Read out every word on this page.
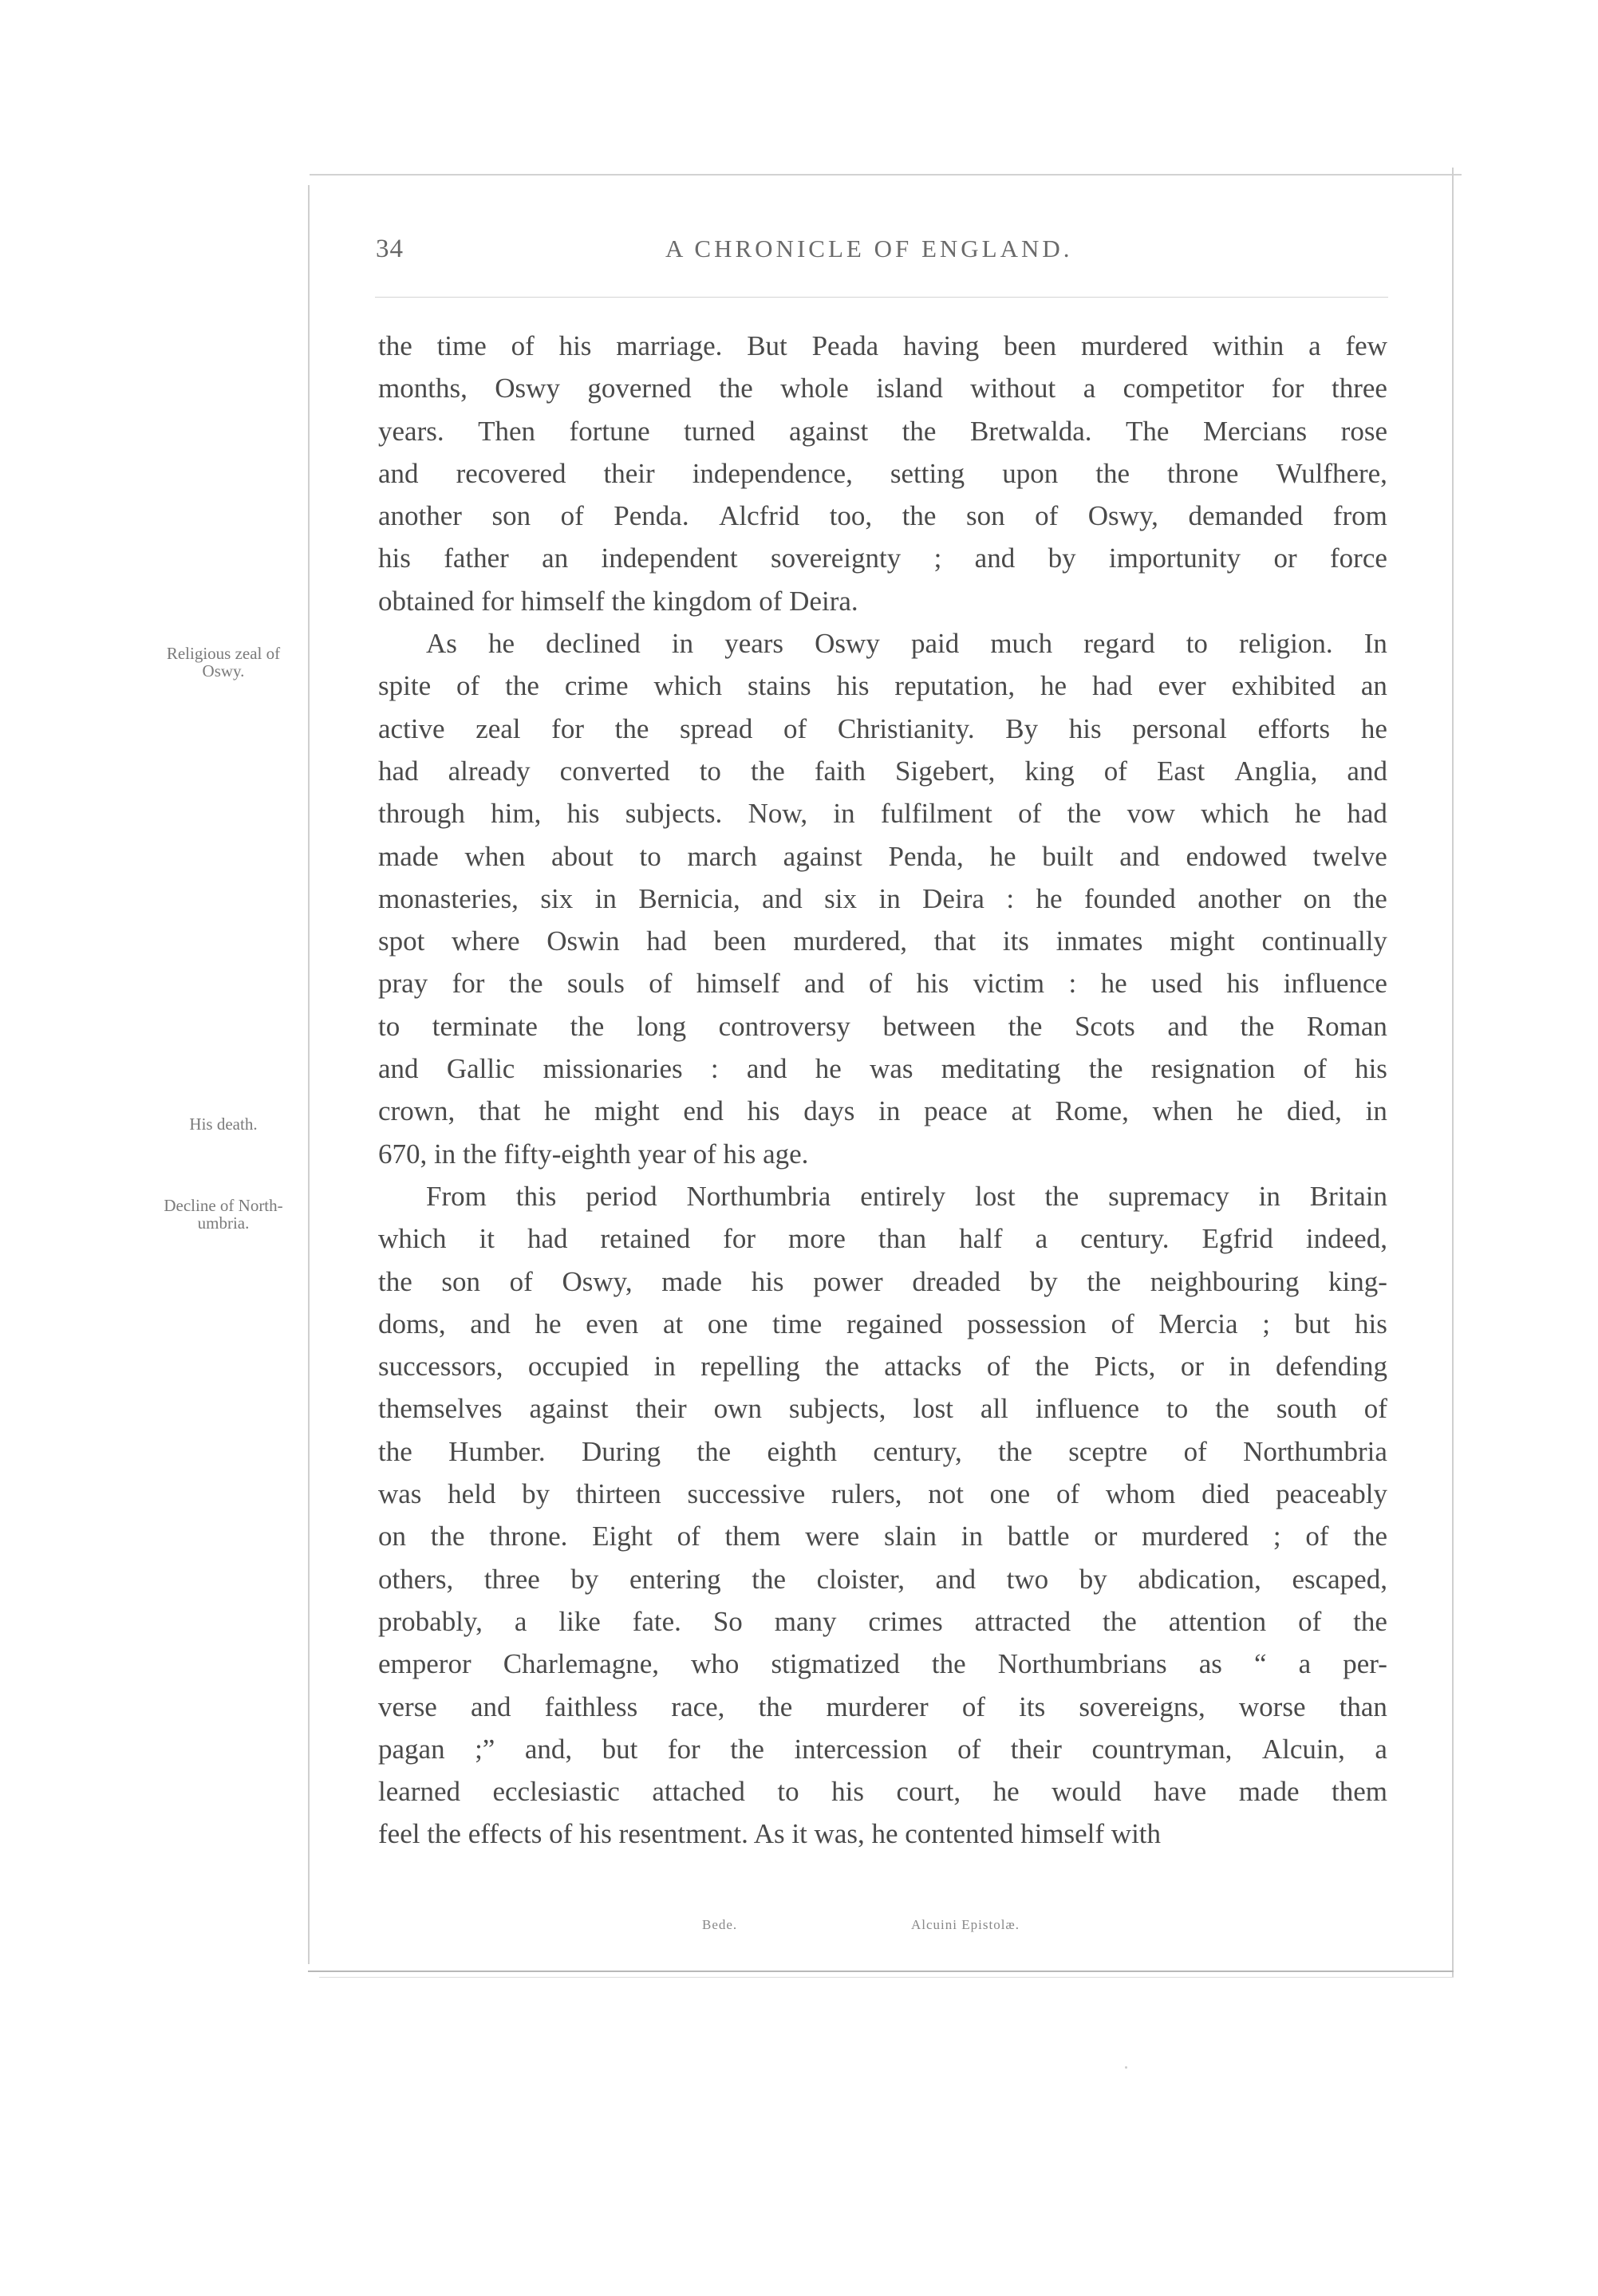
34	A CHRONICLE OF ENGLAND.
Religious zeal of Oswy.
His death.
Decline of North-umbria.
the time of his marriage. But Peada having been murdered within a few
months, Oswy governed the whole island without a competitor for three
years. Then fortune turned against the Bretwalda. The Mercians rose
and recovered their independence, setting upon the throne Wulfhere,
another son of Penda. Alcfrid too, the son of Oswy, demanded from
his father an independent sovereignty ; and by importunity or force
obtained for himself the kingdom of Deira.
As he declined in years Oswy paid much regard to religion. In
spite of the crime which stains his reputation, he had ever exhibited an
active zeal for the spread of Christianity. By his personal efforts he
had already converted to the faith Sigebert, king of East Anglia, and
through him, his subjects. Now, in fulfilment of the vow which he had
made when about to march against Penda, he built and endowed twelve
monasteries, six in Bernicia, and six in Deira : he founded another on the
spot where Oswin had been murdered, that its inmates might continually
pray for the souls of himself and of his victim : he used his influence
to terminate the long controversy between the Scots and the Roman
and Gallic missionaries : and he was meditating the resignation of his
crown, that he might end his days in peace at Rome, when he died, in
670, in the fifty-eighth year of his age.
From this period Northumbria entirely lost the supremacy in Britain
which it had retained for more than half a century. Egfrid indeed,
the son of Oswy, made his power dreaded by the neighbouring king-
doms, and he even at one time regained possession of Mercia ; but his
successors, occupied in repelling the attacks of the Picts, or in defending
themselves against their own subjects, lost all influence to the south of
the Humber. During the eighth century, the sceptre of Northumbria
was held by thirteen successive rulers, not one of whom died peaceably
on the throne. Eight of them were slain in battle or murdered ; of the
others, three by entering the cloister, and two by abdication, escaped,
probably, a like fate. So many crimes attracted the attention of the
emperor Charlemagne, who stigmatized the Northumbrians as “ a per-
verse and faithless race, the murderer of its sovereigns, worse than
pagan ;” and, but for the intercession of their countryman, Alcuin, a
learned ecclesiastic attached to his court, he would have made them
feel the effects of his resentment. As it was, he contented himself with
Bede.	Alcuini Epistolæ.
